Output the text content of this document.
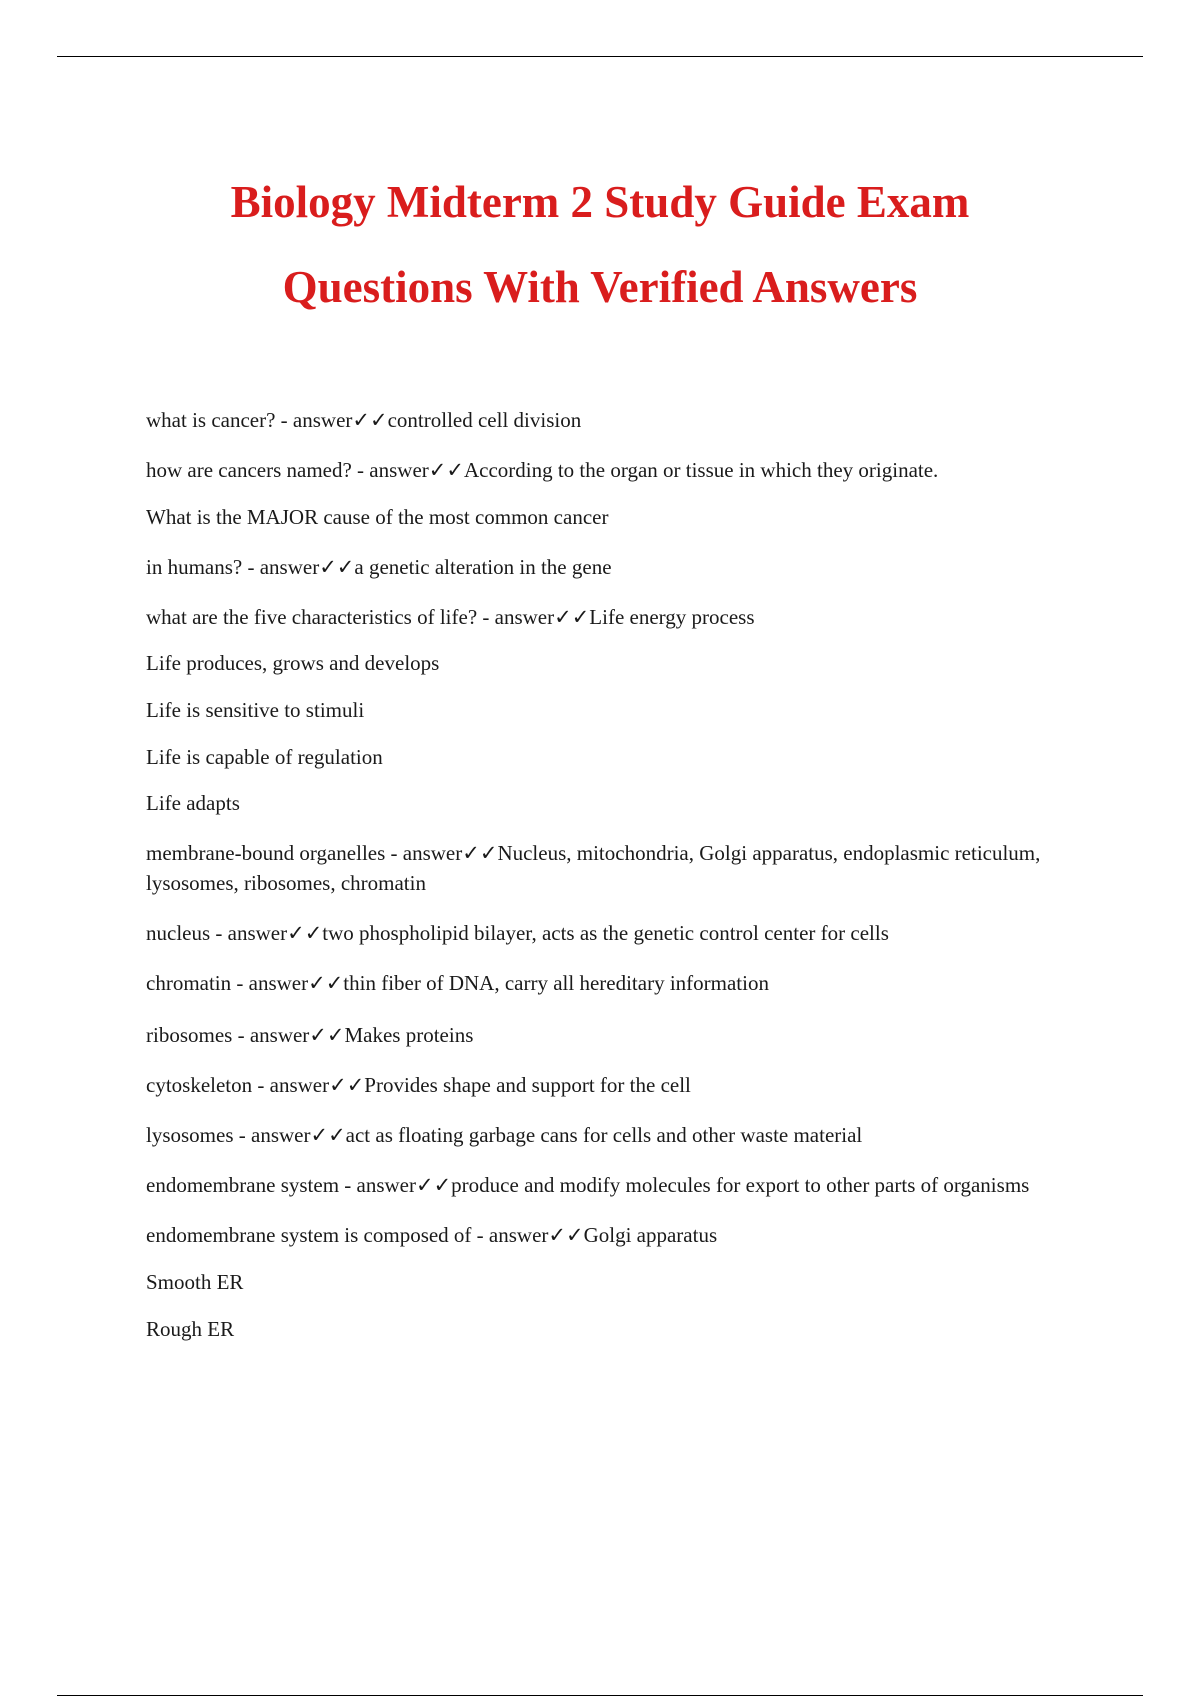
Biology Midterm 2 Study Guide Exam
Questions With Verified Answers
what is cancer? - answer✓✓controlled cell division
how are cancers named? - answer✓✓According to the organ or tissue in which they originate.
What is the MAJOR cause of the most common cancer
in humans? - answer✓✓a genetic alteration in the gene
what are the five characteristics of life? - answer✓✓Life energy process
Life produces, grows and develops
Life is sensitive to stimuli
Life is capable of regulation
Life adapts
membrane-bound organelles - answer✓✓Nucleus, mitochondria, Golgi apparatus, endoplasmic reticulum, lysosomes, ribosomes, chromatin
nucleus - answer✓✓two phospholipid bilayer, acts as the genetic control center for cells
chromatin - answer✓✓thin fiber of DNA, carry all hereditary information
ribosomes - answer✓✓Makes proteins
cytoskeleton - answer✓✓Provides shape and support for the cell
lysosomes - answer✓✓act as floating garbage cans for cells and other waste material
endomembrane system - answer✓✓produce and modify molecules for export to other parts of organisms
endomembrane system is composed of - answer✓✓Golgi apparatus
Smooth ER
Rough ER
